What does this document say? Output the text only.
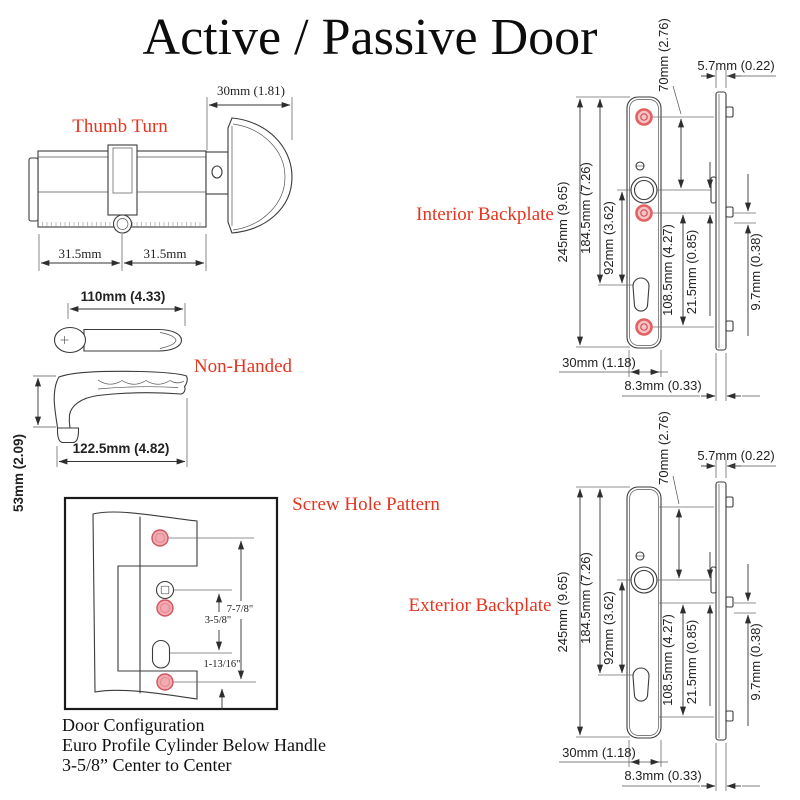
Active / Passive Door
30mm (1.81)
31.5mm	31.5mm
Thumb Turn
110mm (4.33)
Non-Handed
53mm (2.09)	122.5mm (4.82)
7-7/8"
3-5/8"
1-13/16"
Screw Hole Pattern
245mm (9.65) 184.5mm (7.26) 92mm (3.62)
70mm (2.76)
108.5mm (4.27) 21.5mm (0.85)	9.7mm (0.38)
5.7mm (0.22)
30mm (1.18)
8.3mm (0.33)
Interior Backplate
245mm (9.65) 184.5mm (7.26) 92mm (3.62)
70mm (2.76)
108.5mm (4.27) 21.5mm (0.85)	9.7mm (0.38)
5.7mm (0.22)
30mm (1.18)
8.3mm (0.33)
Exterior Backplate
Door Configuration
Euro Profile Cylinder Below Handle
3-5/8” Center to Center
